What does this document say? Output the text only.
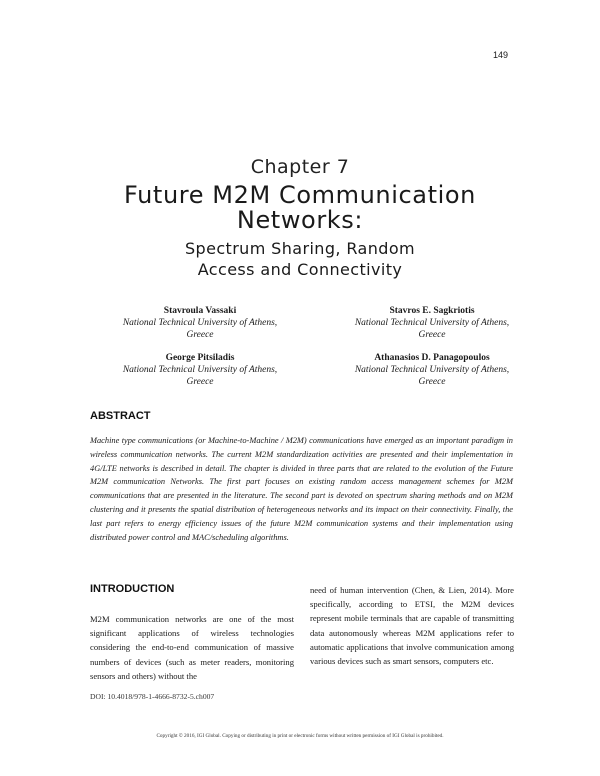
149
Chapter 7
Future M2M Communication
Networks:
Spectrum Sharing, Random
Access and Connectivity
Stavroula Vassaki
National Technical University of Athens,
Greece
Stavros E. Sagkriotis
National Technical University of Athens,
Greece
George Pitsiladis
National Technical University of Athens,
Greece
Athanasios D. Panagopoulos
National Technical University of Athens,
Greece
ABSTRACT
Machine type communications (or Machine-to-Machine / M2M) communications have emerged as an important paradigm in wireless communication networks. The current M2M standardization activities are presented and their implementation in 4G/LTE networks is described in detail. The chapter is divided in three parts that are related to the evolution of the Future M2M communication Networks. The first part focuses on existing random access management schemes for M2M communications that are presented in the literature. The second part is devoted on spectrum sharing methods and on M2M clustering and it presents the spatial distribution of heterogeneous networks and its impact on their connectivity. Finally, the last part refers to energy efficiency issues of the future M2M communication systems and their implementation using distributed power control and MAC/scheduling algorithms.
INTRODUCTION
M2M communication networks are one of the most significant applications of wireless technologies considering the end-to-end communication of massive numbers of devices (such as meter readers, monitoring sensors and others) without the
need of human intervention (Chen, & Lien, 2014). More specifically, according to ETSI, the M2M devices represent mobile terminals that are capable of transmitting data autonomously whereas M2M applications refer to automatic applications that involve communication among various devices such as smart sensors, computers etc.
DOI: 10.4018/978-1-4666-8732-5.ch007
Copyright © 2016, IGI Global. Copying or distributing in print or electronic forms without written permission of IGI Global is prohibited.
